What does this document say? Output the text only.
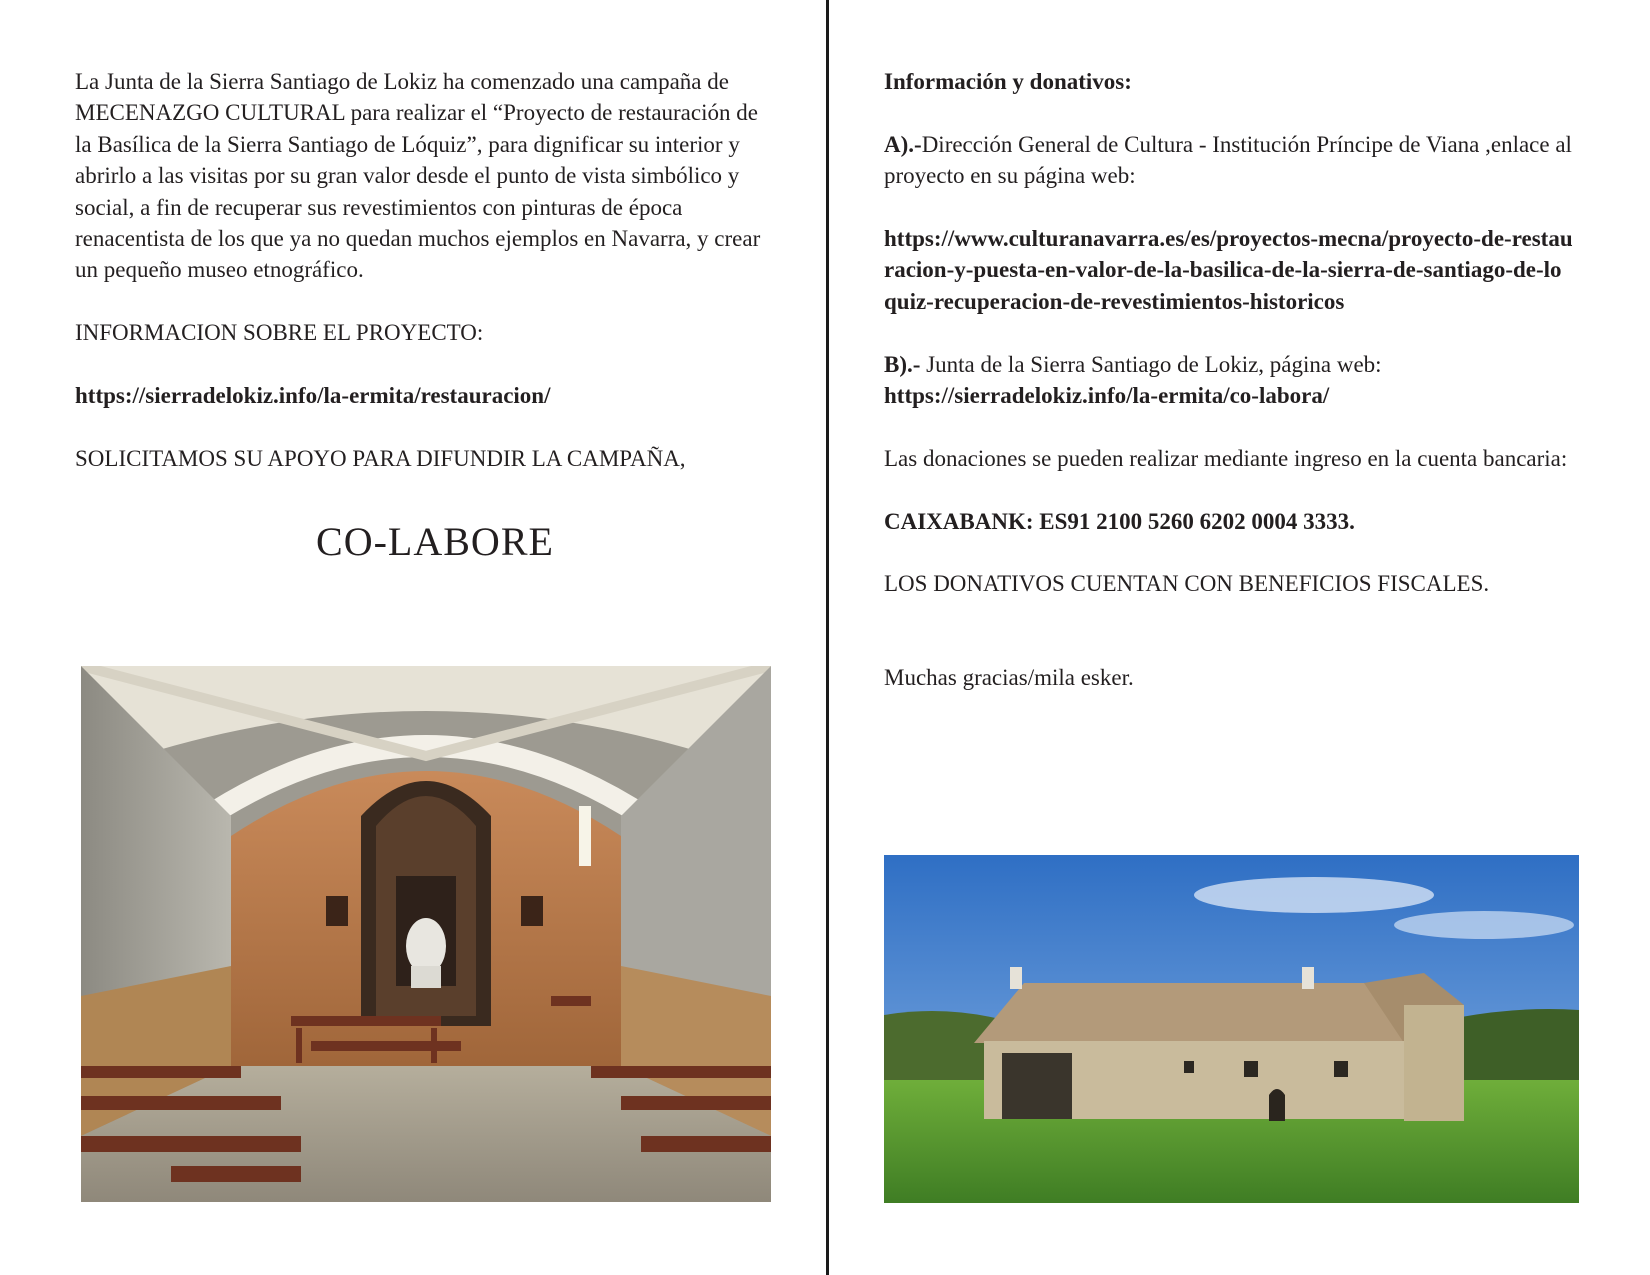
La Junta de la Sierra Santiago de Lokiz ha comenzado una campaña de MECENAZGO CULTURAL para realizar el “Proyecto de restauración de la Basílica de la Sierra Santiago de Lóquiz”, para dignificar su interior y abrirlo a las visitas por su gran valor desde el punto de vista simbólico y social, a fin de recuperar sus revestimientos con pinturas de época renacentista de los que ya no quedan muchos ejemplos en Navarra, y crear un pequeño museo etnográfico.

INFORMACION SOBRE EL PROYECTO:

https://sierradelokiz.info/la-ermita/restauracion/

SOLICITAMOS SU APOYO PARA DIFUNDIR LA CAMPAÑA,

CO-LABORE

Información y donativos:

A).-Dirección General de Cultura - Institución Príncipe de Viana ,enlace al proyecto en su página web:

https://www.culturanavarra.es/es/proyectos-mecna/proyecto-de-restauracion-y-puesta-en-valor-de-la-basilica-de-la-sierra-de-santiago-de-loquiz-recuperacion-de-revestimientos-historicos

B).- Junta de la Sierra Santiago de Lokiz, página web:

https://sierradelokiz.info/la-ermita/co-labora/

Las donaciones se pueden realizar mediante ingreso en la cuenta bancaria:

CAIXABANK: ES91 2100 5260 6202 0004 3333.

LOS DONATIVOS CUENTAN CON BENEFICIOS FISCALES.

Muchas gracias/mila esker.
